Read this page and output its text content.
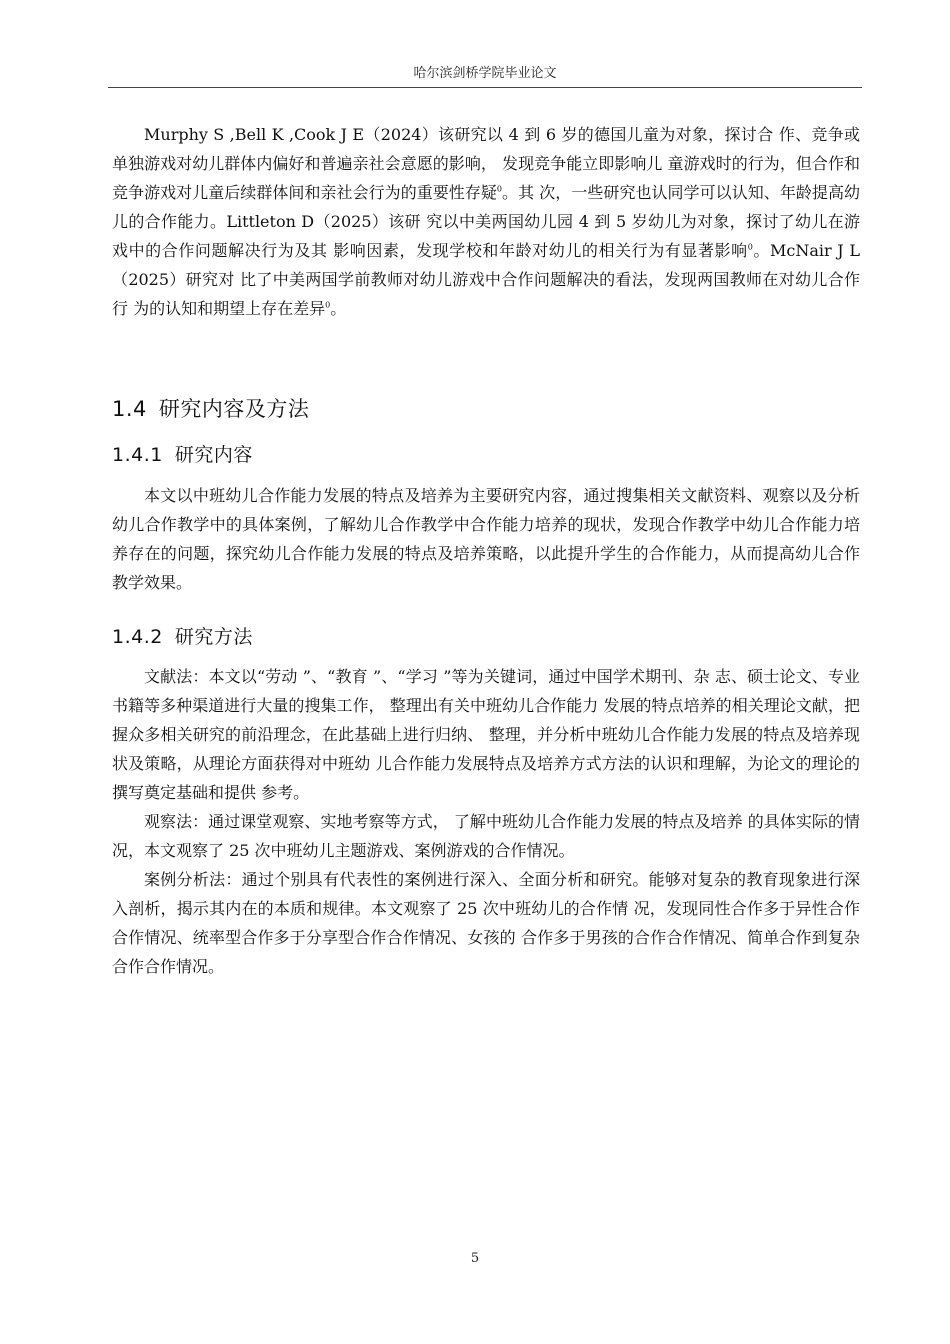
哈尔滨剑桥学院毕业论文

Murphy S ,Bell K ,Cook J E（2024）该研究以 4 到 6 岁的德国儿童为对象，探讨合 作、竞争或单独游戏对幼儿群体内偏好和普遍亲社会意愿的影响， 发现竞争能立即影响儿 童游戏时的行为，但合作和竞争游戏对儿童后续群体间和亲社会行为的重要性存疑$^0$。其 次，一些研究也认同学可以认知、年龄提高幼儿的合作能力。Littleton D（2025）该研 究以中美两国幼儿园 4 到 5 岁幼儿为对象，探讨了幼儿在游戏中的合作问题解决行为及其 影响因素，发现学校和年龄对幼儿的相关行为有显著影响$^0$。McNair J L（2025）研究对 比了中美两国学前教师对幼儿游戏中合作问题解决的看法，发现两国教师在对幼儿合作行 为的认知和期望上存在差异$^0$。

1.4 研究内容及方法
1.4.1 研究内容

本文以中班幼儿合作能力发展的特点及培养为主要研究内容，通过搜集相关文献资料、观察以及分析幼儿合作教学中的具体案例，了解幼儿合作教学中合作能力培养的现状，发现合作教学中幼儿合作能力培养存在的问题，探究幼儿合作能力发展的特点及培养策略，以此提升学生的合作能力，从而提高幼儿合作教学效果。

1.4.2 研究方法

文献法：本文以“劳动 ”、“教育 ”、“学习 ”等为关键词，通过中国学术期刊、杂 志、硕士论文、专业书籍等多种渠道进行大量的搜集工作， 整理出有关中班幼儿合作能力 发展的特点培养的相关理论文献，把握众多相关研究的前沿理念，在此基础上进行归纳、 整理，并分析中班幼儿合作能力发展的特点及培养现状及策略，从理论方面获得对中班幼 儿合作能力发展特点及培养方式方法的认识和理解，为论文的理论的撰写奠定基础和提供 参考。

观察法：通过课堂观察、实地考察等方式， 了解中班幼儿合作能力发展的特点及培养 的具体实际的情况，本文观察了 25 次中班幼儿主题游戏、案例游戏的合作情况。

案例分析法：通过个别具有代表性的案例进行深入、全面分析和研究。能够对复杂的教育现象进行深入剖析，揭示其内在的本质和规律。本文观察了 25 次中班幼儿的合作情 况，发现同性合作多于异性合作合作情况、统率型合作多于分享型合作合作情况、女孩的 合作多于男孩的合作合作情况、简单合作到复杂合作合作情况。

5
